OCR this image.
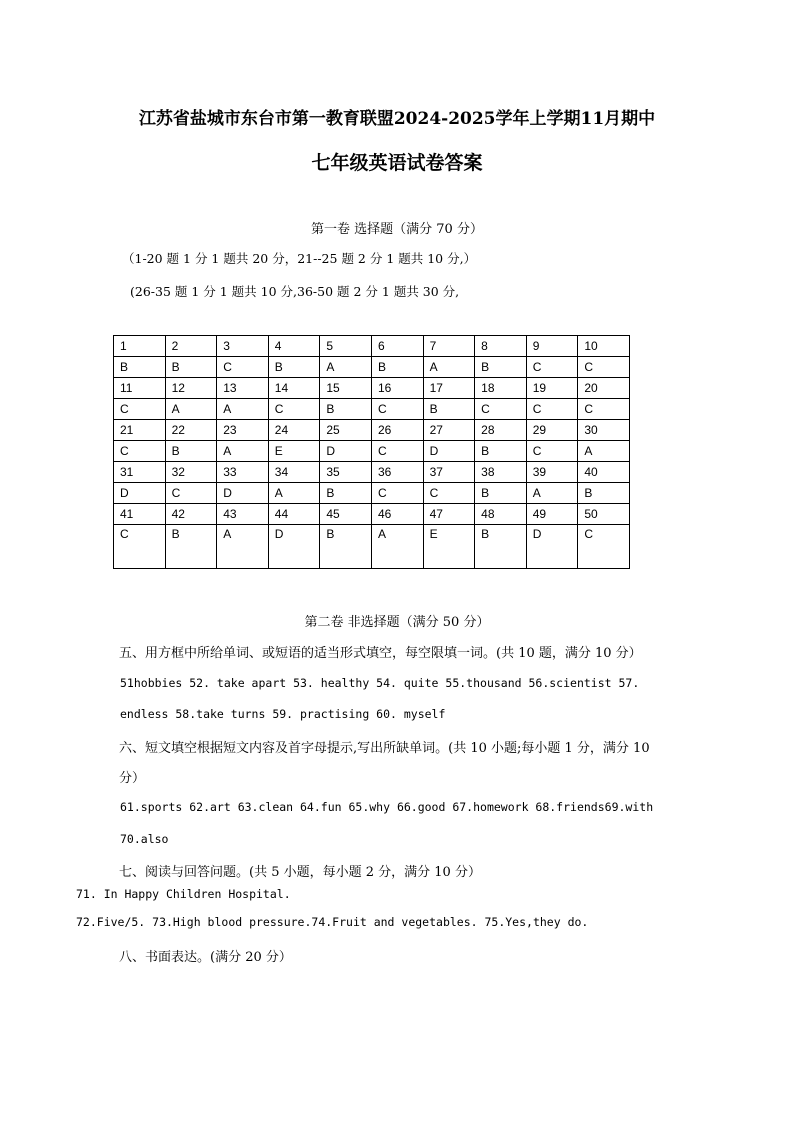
江苏省盐城市东台市第一教育联盟2024-2025学年上学期11月期中
七年级英语试卷答案
第一卷 选择题（满分 70 分）
（1-20 题 1 分 1 题共 20 分，21--25 题 2 分 1 题共 10 分,）
(26-35 题 1 分 1 题共 10 分,36-50 题 2 分 1 题共 30 分,
1	2	3	4	5	6	7	8	9	10
B	B	C	B	A	B	A	B	C	C
11	12	13	14	15	16	17	18	19	20
C	A	A	C	B	C	B	C	C	C
21	22	23	24	25	26	27	28	29	30
C	B	A	E	D	C	D	B	C	A
31	32	33	34	35	36	37	38	39	40
D	C	D	A	B	C	C	B	A	B
41	42	43	44	45	46	47	48	49	50
C	B	A	D	B	A	E	B	D	C
第二卷 非选择题（满分 50 分）
五、用方框中所给单词、或短语的适当形式填空，每空限填一词。(共 10 题，满分 10 分）
51hobbies 52. take apart 53. healthy 54. quite 55.thousand 56.scientist 57.
endless 58.take turns 59. practising 60. myself
六、短文填空根据短文内容及首字母提示,写出所缺单词。(共 10 小题;每小题 1 分，满分 10
分）
61.sports 62.art 63.clean 64.fun 65.why 66.good 67.homework 68.friends69.with
70.also
七、阅读与回答问题。(共 5 小题，每小题 2 分，满分 10 分）
71. In Happy Children Hospital.
72.Five/5. 73.High blood pressure.74.Fruit and vegetables. 75.Yes,they do.
八、书面表达。(满分 20 分）
